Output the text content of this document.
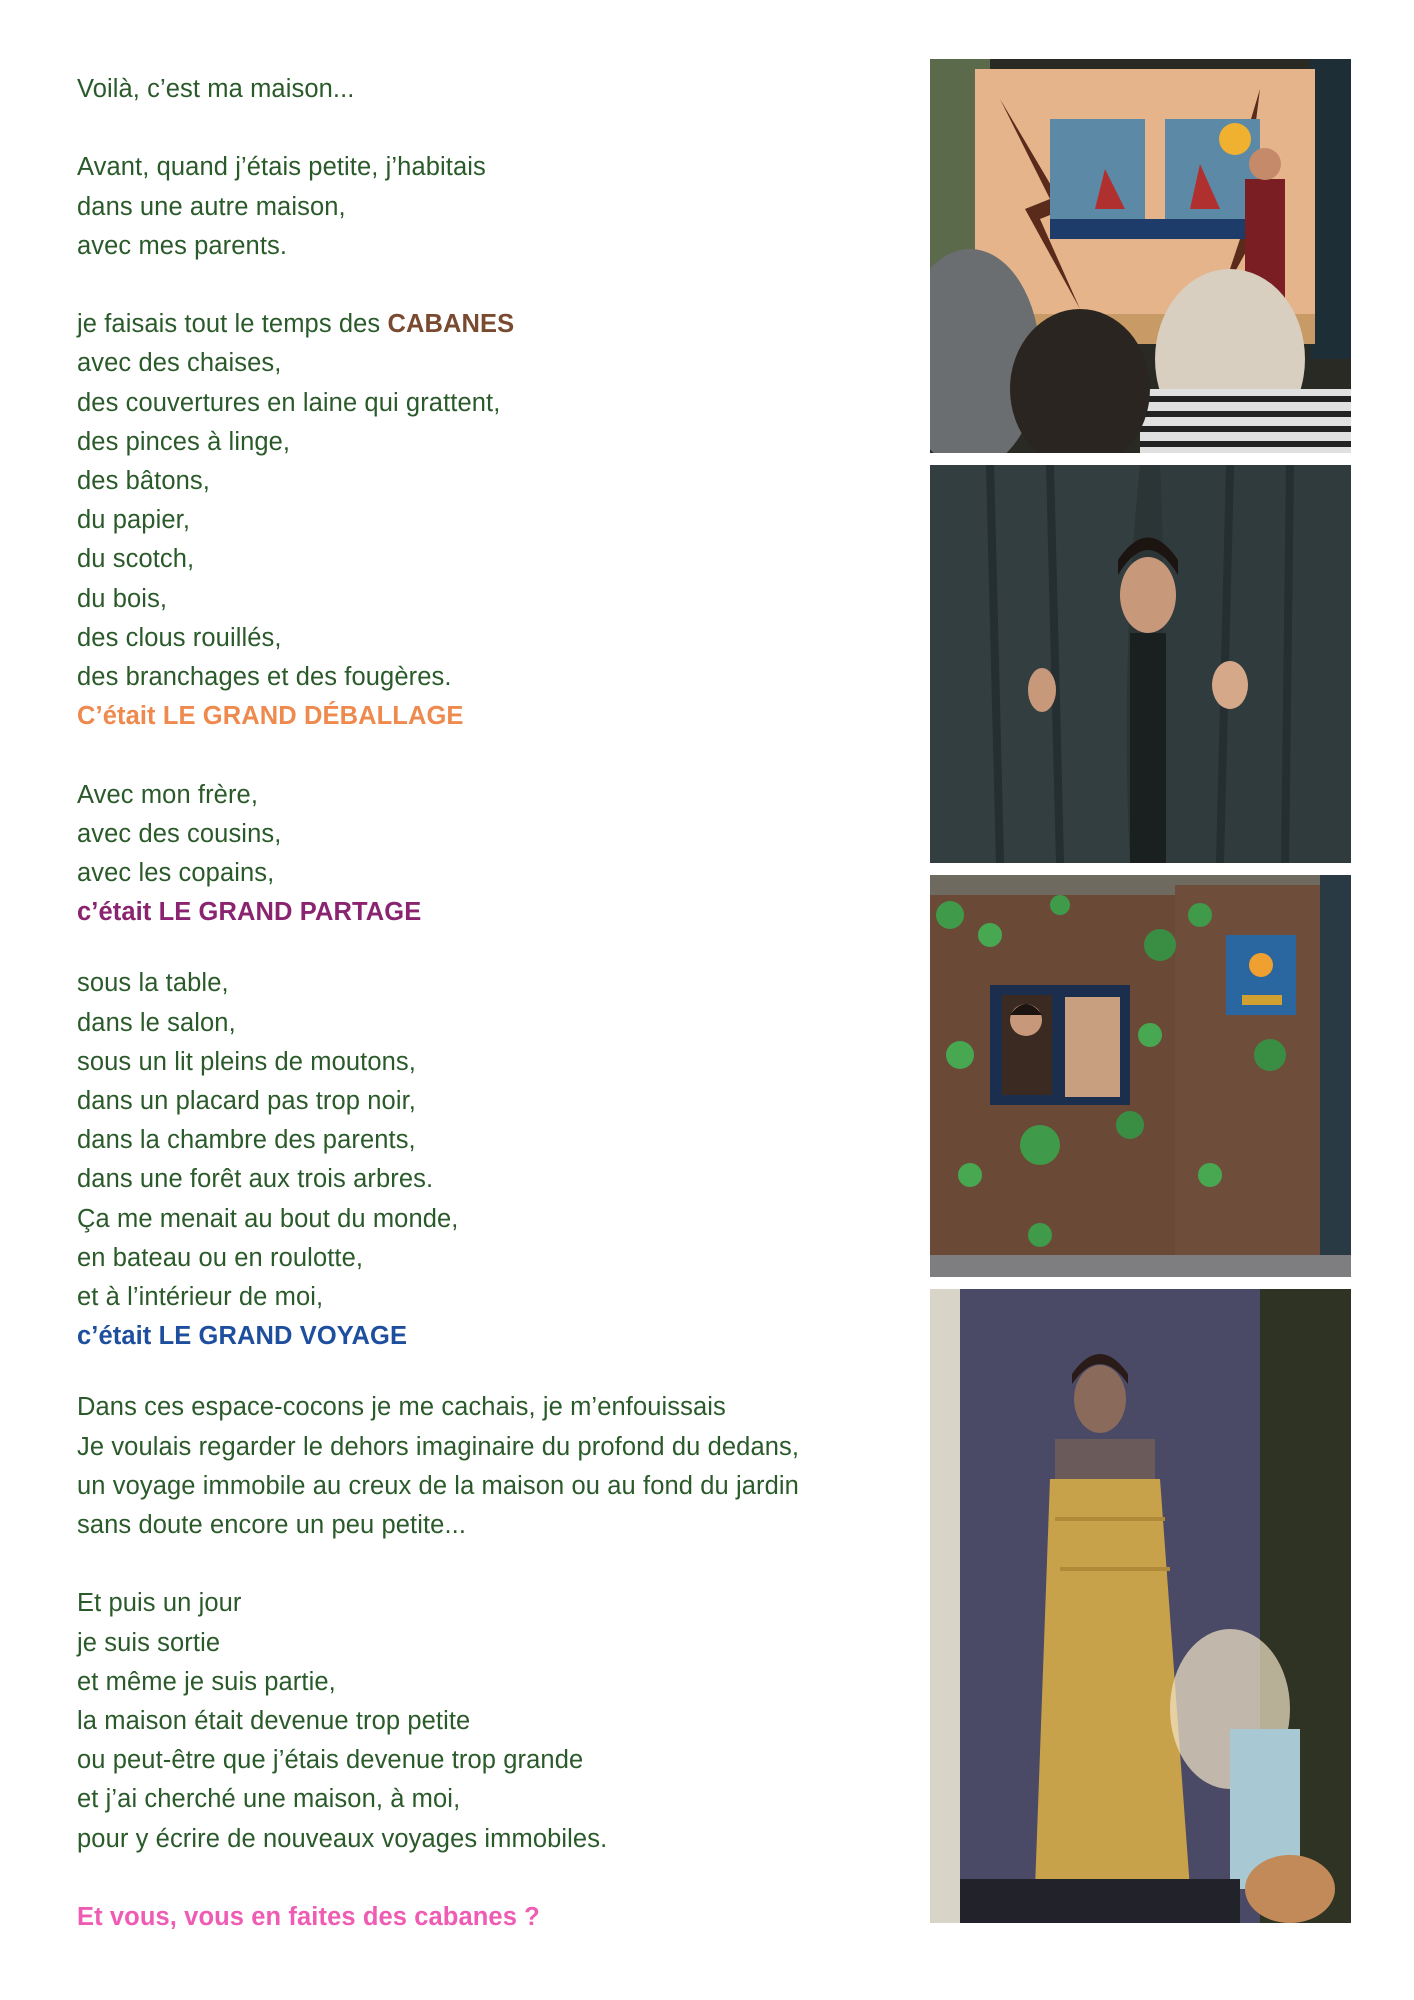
Voilà, c’est ma maison...
Avant, quand j’étais petite, j’habitais
dans une autre maison,
avec mes parents.
je faisais tout le temps des CABANES
avec des chaises,
des couvertures en laine qui grattent,
des pinces à linge,
des bâtons,
du papier,
du scotch,
du bois,
des clous rouillés,
des branchages et des fougères.
C’était LE GRAND DÉBALLAGE
Avec mon frère,
avec des cousins,
avec les copains,
c’était LE GRAND PARTAGE
sous la table,
dans le salon,
sous un lit pleins de moutons,
dans un placard pas trop noir,
dans la chambre des parents,
dans une forêt aux trois arbres.
Ça me menait au bout du monde,
en bateau ou en roulotte,
et à l’intérieur de moi,
c’était LE GRAND VOYAGE
Dans ces espace-cocons je me cachais, je m’enfouissais
Je voulais regarder le dehors imaginaire du profond du dedans,
un voyage immobile au creux de la maison ou au fond du jardin
sans doute encore un peu petite...
Et puis un jour
je suis sortie
et même je suis partie,
la maison était devenue trop petite
ou peut-être que j’étais devenue trop grande
et j’ai cherché une maison, à moi,
pour y écrire de nouveaux voyages immobiles.
Et vous, vous en faites des cabanes ?
